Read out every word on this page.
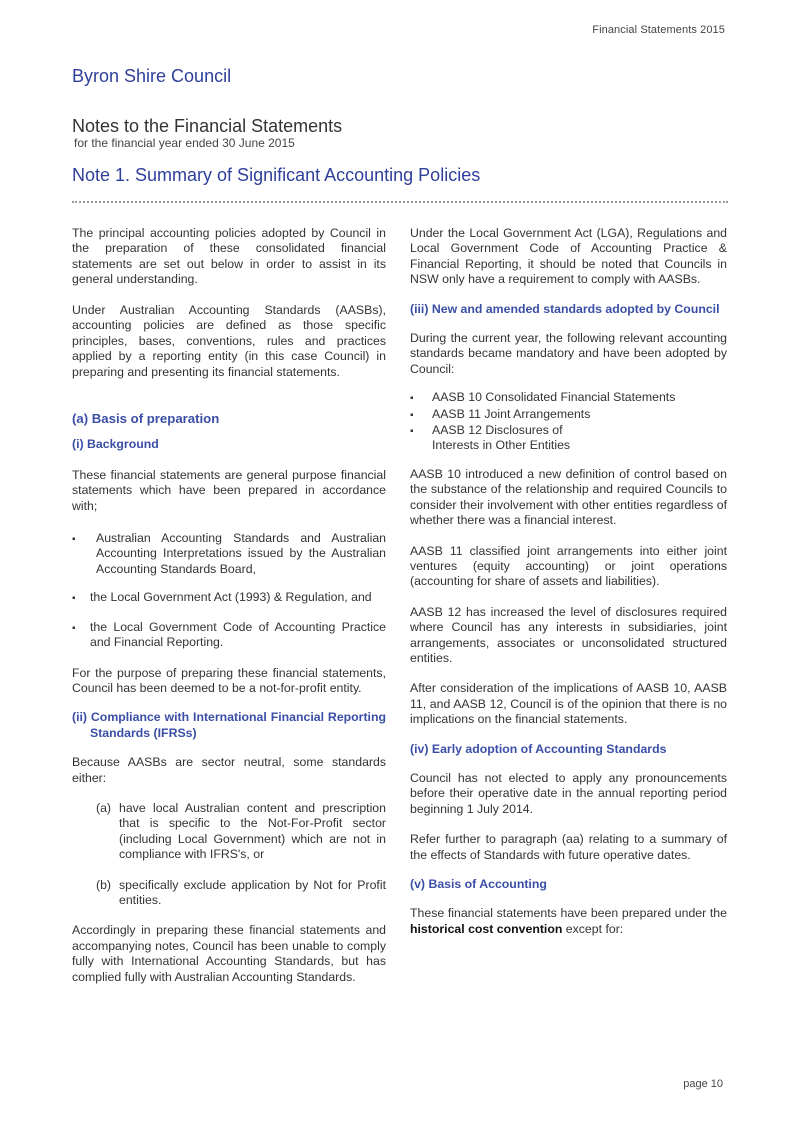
Financial Statements 2015
Byron Shire Council
Notes to the Financial Statements
for the financial year ended 30 June 2015
Note 1. Summary of Significant Accounting Policies

The principal accounting policies adopted by Council in the preparation of these consolidated financial statements are set out below in order to assist in its general understanding.

Under Australian Accounting Standards (AASBs), accounting policies are defined as those specific principles, bases, conventions, rules and practices applied by a reporting entity (in this case Council) in preparing and presenting its financial statements.

(a) Basis of preparation

(i) Background

These financial statements are general purpose financial statements which have been prepared in accordance with;

▪	Australian Accounting Standards and Australian Accounting Interpretations issued by the Australian Accounting Standards Board,
▪	the Local Government Act (1993) & Regulation, and
▪	the Local Government Code of Accounting Practice and Financial Reporting.

For the purpose of preparing these financial statements, Council has been deemed to be a not-for-profit entity.

(ii) Compliance with International Financial Reporting Standards (IFRSs)

Because AASBs are sector neutral, some standards either:

(a) have local Australian content and prescription that is specific to the Not-For-Profit sector (including Local Government) which are not in compliance with IFRS's, or
(b) specifically exclude application by Not for Profit entities.

Accordingly in preparing these financial statements and accompanying notes, Council has been unable to comply fully with International Accounting Standards, but has complied fully with Australian Accounting Standards.

Under the Local Government Act (LGA), Regulations and Local Government Code of Accounting Practice & Financial Reporting, it should be noted that Councils in NSW only have a requirement to comply with AASBs.

(iii) New and amended standards adopted by Council

During the current year, the following relevant accounting standards became mandatory and have been adopted by Council:

▪	AASB 10 Consolidated Financial Statements
▪	AASB 11 Joint Arrangements
▪	AASB 12 Disclosures of Interests in Other Entities

AASB 10 introduced a new definition of control based on the substance of the relationship and required Councils to consider their involvement with other entities regardless of whether there was a financial interest.

AASB 11 classified joint arrangements into either joint ventures (equity accounting) or joint operations (accounting for share of assets and liabilities).

AASB 12 has increased the level of disclosures required where Council has any interests in subsidiaries, joint arrangements, associates or unconsolidated structured entities.

After consideration of the implications of AASB 10, AASB 11, and AASB 12, Council is of the opinion that there is no implications on the financial statements.

(iv) Early adoption of Accounting Standards

Council has not elected to apply any pronouncements before their operative date in the annual reporting period beginning 1 July 2014.

Refer further to paragraph (aa) relating to a summary of the effects of Standards with future operative dates.

(v) Basis of Accounting

These financial statements have been prepared under the historical cost convention except for:

page 10
